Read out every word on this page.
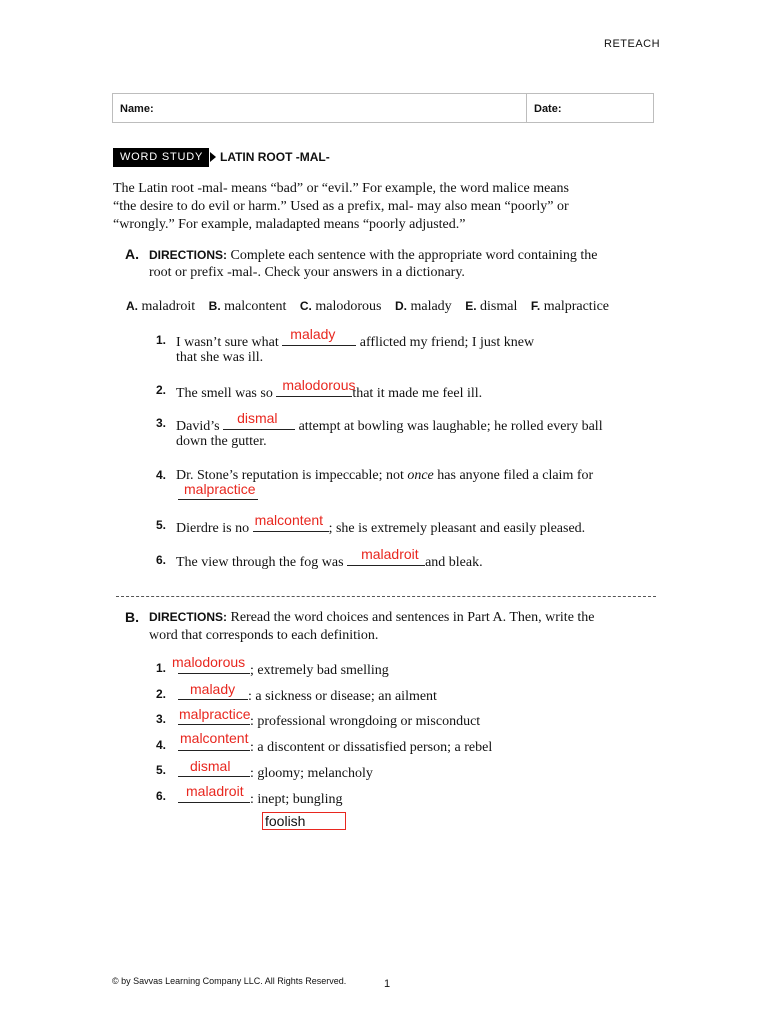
RETEACH
Name:	Date:
WORD STUDY	LATIN ROOT -MAL-
The Latin root -mal- means “bad” or “evil.” For example, the word malice means
“the desire to do evil or harm.” Used as a prefix, mal- may also mean “poorly” or
“wrongly.” For example, maladapted means “poorly adjusted.”
A. DIRECTIONS: Complete each sentence with the appropriate word containing the
root or prefix -mal-. Check your answers in a dictionary.
A. maladroit B. malcontent C. malodorous D. malady E. dismal F. malpractice
1. I wasn’t sure what
malady
afflicted my friend; I just knew
that she was ill.
2. The smell was so
malodorous
that it made me feel ill.
3. David’s
dismal
attempt at bowling was laughable; he rolled every ball
down the gutter.
4. Dr. Stone’s reputation is impeccable; not once has anyone filed a claim for
malpractice
5. Dierdre is no
malcontent
; she is extremely pleasant and easily pleased.
6. The view through the fog was
maladroit
and bleak.
B. DIRECTIONS: Reread the word choices and sentences in Part A. Then, write the
word that corresponds to each definition.
1. malodorous
; extremely bad smelling
2. malady : a sickness or disease; an ailment
3. malpractice : professional wrongdoing or misconduct
4. malcontent
: a discontent or dissatisfied person; a rebel
5. dismal : gloomy; melancholy
6. maladroit
: inept; bungling
foolish
© by Savvas Learning Company LLC. All Rights Reserved.	1
